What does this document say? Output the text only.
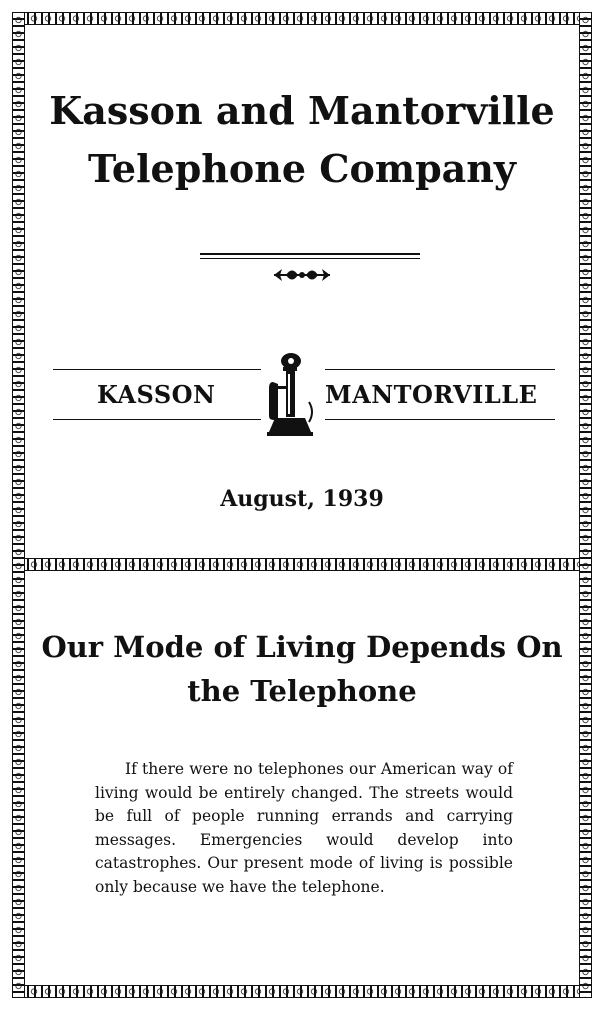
Kasson and Mantorville Telephone Company
KASSON	MANTORVILLE
August, 1939
Our Mode of Living Depends On the Telephone

If there were no telephones our American way of living would be entirely changed. The streets would be full of people running errands and carrying messages. Emergencies would develop into catastrophes. Our present mode of living is possible only because we have the telephone.
